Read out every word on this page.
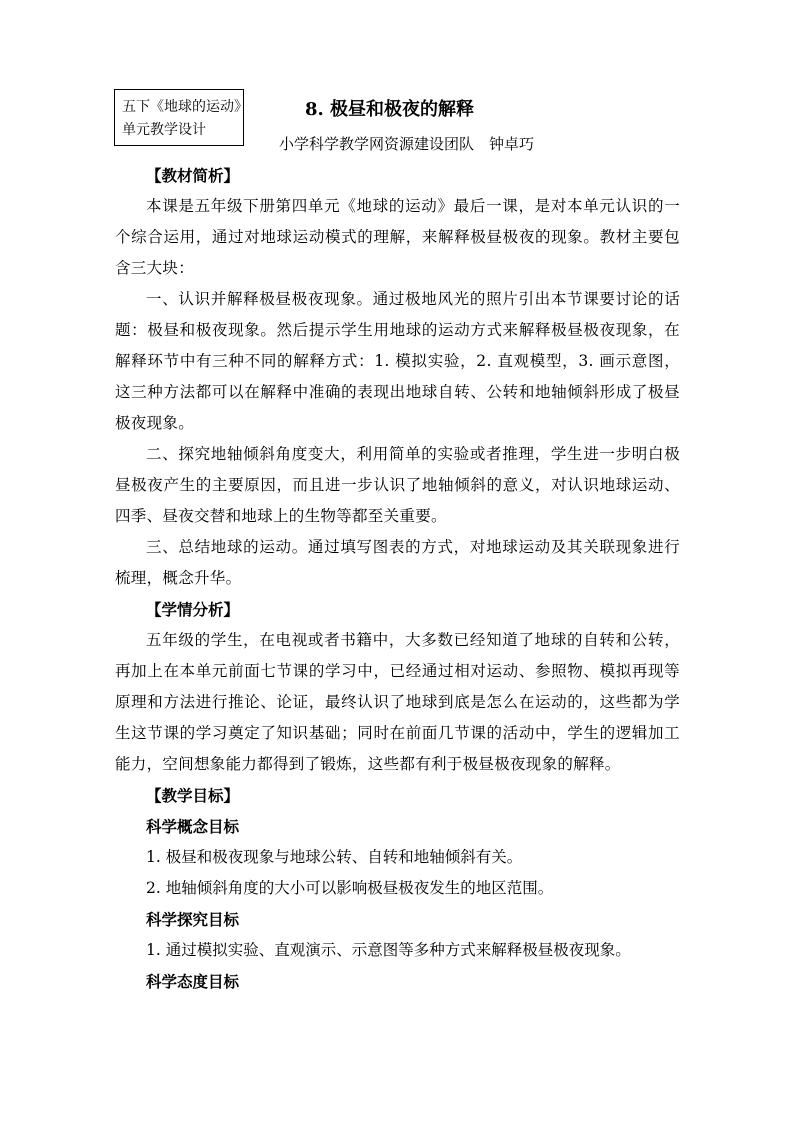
五下《地球的运动》
单元教学设计
8. 极昼和极夜的解释
小学科学教学网资源建设团队　钟卓巧
【教材简析】

本课是五年级下册第四单元《地球的运动》最后一课，是对本单元认识的一个综合运用，通过对地球运动模式的理解，来解释极昼极夜的现象。教材主要包含三大块：

一、认识并解释极昼极夜现象。通过极地风光的照片引出本节课要讨论的话题：极昼和极夜现象。然后提示学生用地球的运动方式来解释极昼极夜现象，在解释环节中有三种不同的解释方式：1. 模拟实验，2. 直观模型，3. 画示意图，这三种方法都可以在解释中准确的表现出地球自转、公转和地轴倾斜形成了极昼极夜现象。

二、探究地轴倾斜角度变大，利用简单的实验或者推理，学生进一步明白极昼极夜产生的主要原因，而且进一步认识了地轴倾斜的意义，对认识地球运动、四季、昼夜交替和地球上的生物等都至关重要。

三、总结地球的运动。通过填写图表的方式，对地球运动及其关联现象进行梳理，概念升华。

【学情分析】

五年级的学生，在电视或者书籍中，大多数已经知道了地球的自转和公转，再加上在本单元前面七节课的学习中，已经通过相对运动、参照物、模拟再现等原理和方法进行推论、论证，最终认识了地球到底是怎么在运动的，这些都为学生这节课的学习奠定了知识基础；同时在前面几节课的活动中，学生的逻辑加工能力，空间想象能力都得到了锻炼，这些都有利于极昼极夜现象的解释。

【教学目标】
科学概念目标
1. 极昼和极夜现象与地球公转、自转和地轴倾斜有关。
2. 地轴倾斜角度的大小可以影响极昼极夜发生的地区范围。
科学探究目标
1. 通过模拟实验、直观演示、示意图等多种方式来解释极昼极夜现象。
科学态度目标
